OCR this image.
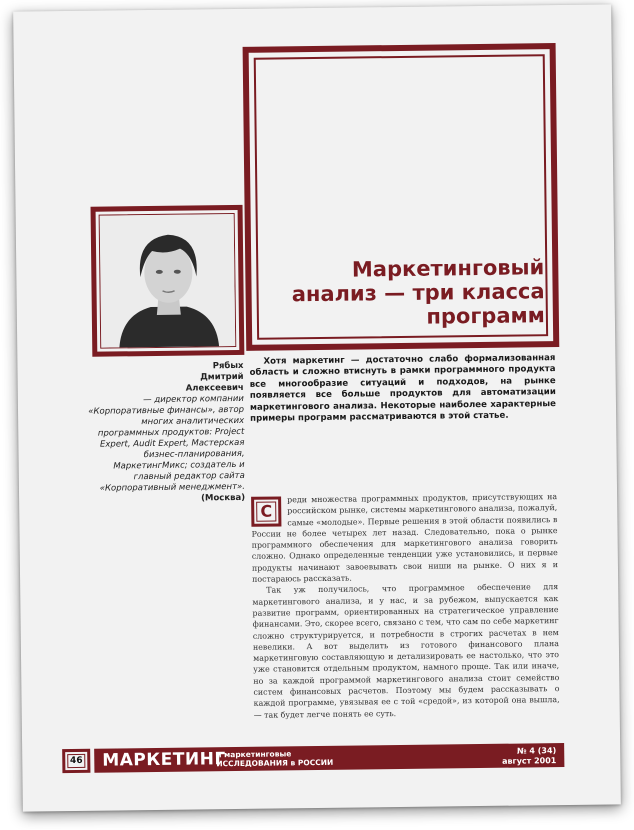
Маркетинговый анализ — три класса программ
Рябых
Дмитрий
Алексеевич
— директор компании «Корпоративные финансы», автор многих аналитических программных продуктов: Project Expert, Audit Expert, Мастерская бизнес-планирования, МаркетингМикс; создатель и главный редактор сайта «Корпоративный менеджмент».
(Москва)
Хотя маркетинг — достаточно слабо формализованная область и сложно втиснуть в рамки программного продукта все многообразие ситуаций и подходов, на рынке появляется все больше продуктов для автоматизации маркетингового анализа. Некоторые наиболее характерные примеры программ рассматриваются в этой статье.

С
реди множества программных продуктов, присутствующих на российском рынке, системы маркетингового анализа, пожалуй, самые «молодые». Первые решения в этой области появились в России не более четырех лет назад. Следовательно, пока о рынке программного обеспечения для маркетингового анализа говорить сложно. Однако определенные тенденции уже установились, и первые продукты начинают завоевывать свои ниши на рынке. О них я и постараюсь рассказать.

Так уж получилось, что программное обеспечение для маркетингового анализа, и у нас, и за рубежом, выпускается как развитие программ, ориентированных на стратегическое управление финансами. Это, скорее всего, связано с тем, что сам по себе маркетинг сложно структурируется, и потребности в строгих расчетах в нем невелики. А вот выделить из готового финансового плана маркетинговую составляющую и детализировать ее настолько, что это уже становится отдельным продуктом, намного проще. Так или иначе, но за каждой программой маркетингового анализа стоит семейство систем финансовых расчетов. Поэтому мы будем рассказывать о каждой программе, увязывая ее с той «средой», из которой она вышла, — так будет легче понять ее суть.

46 МАРКЕТИНГ
и маркетинговые
ИССЛЕДОВАНИЯ в РОССИИ
№ 4 (34)
август 2001
